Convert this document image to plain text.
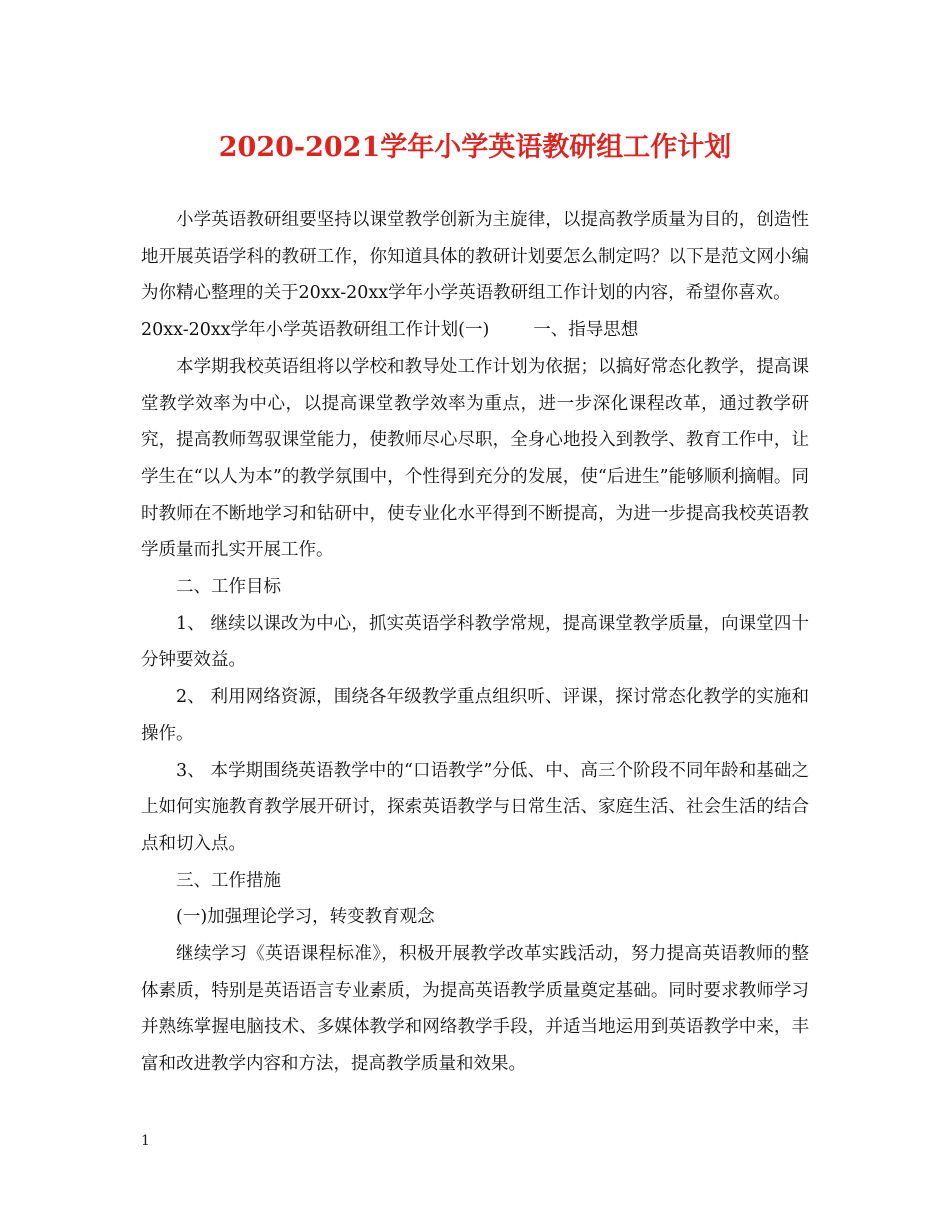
2020-2021学年小学英语教研组工作计划

小学英语教研组要坚持以课堂教学创新为主旋律，以提高教学质量为目的，创造性地开展英语学科的教研工作，你知道具体的教研计划要怎么制定吗？以下是范文网小编为你精心整理的关于20xx-20xx学年小学英语教研组工作计划的内容，希望你喜欢。

20xx-20xx学年小学英语教研组工作计划(一)	一、指导思想

本学期我校英语组将以学校和教导处工作计划为依据；以搞好常态化教学，提高课堂教学效率为中心，以提高课堂教学效率为重点，进一步深化课程改革，通过教学研究，提高教师驾驭课堂能力，使教师尽心尽职，全身心地投入到教学、教育工作中，让学生在“以人为本”的教学氛围中，个性得到充分的发展，使“后进生”能够顺利摘帽。同时教师在不断地学习和钻研中，使专业化水平得到不断提高，为进一步提高我校英语教学质量而扎实开展工作。

二、工作目标

1、 继续以课改为中心，抓实英语学科教学常规，提高课堂教学质量，向课堂四十分钟要效益。

2、 利用网络资源，围绕各年级教学重点组织听、评课，探讨常态化教学的实施和操作。

3、 本学期围绕英语教学中的“口语教学”分低、中、高三个阶段不同年龄和基础之上如何实施教育教学展开研讨，探索英语教学与日常生活、家庭生活、社会生活的结合点和切入点。

三、工作措施

(一)加强理论学习，转变教育观念

继续学习《英语课程标准》，积极开展教学改革实践活动，努力提高英语教师的整体素质，特别是英语语言专业素质，为提高英语教学质量奠定基础。同时要求教师学习并熟练掌握电脑技术、多媒体教学和网络教学手段，并适当地运用到英语教学中来，丰富和改进教学内容和方法，提高教学质量和效果。

1
